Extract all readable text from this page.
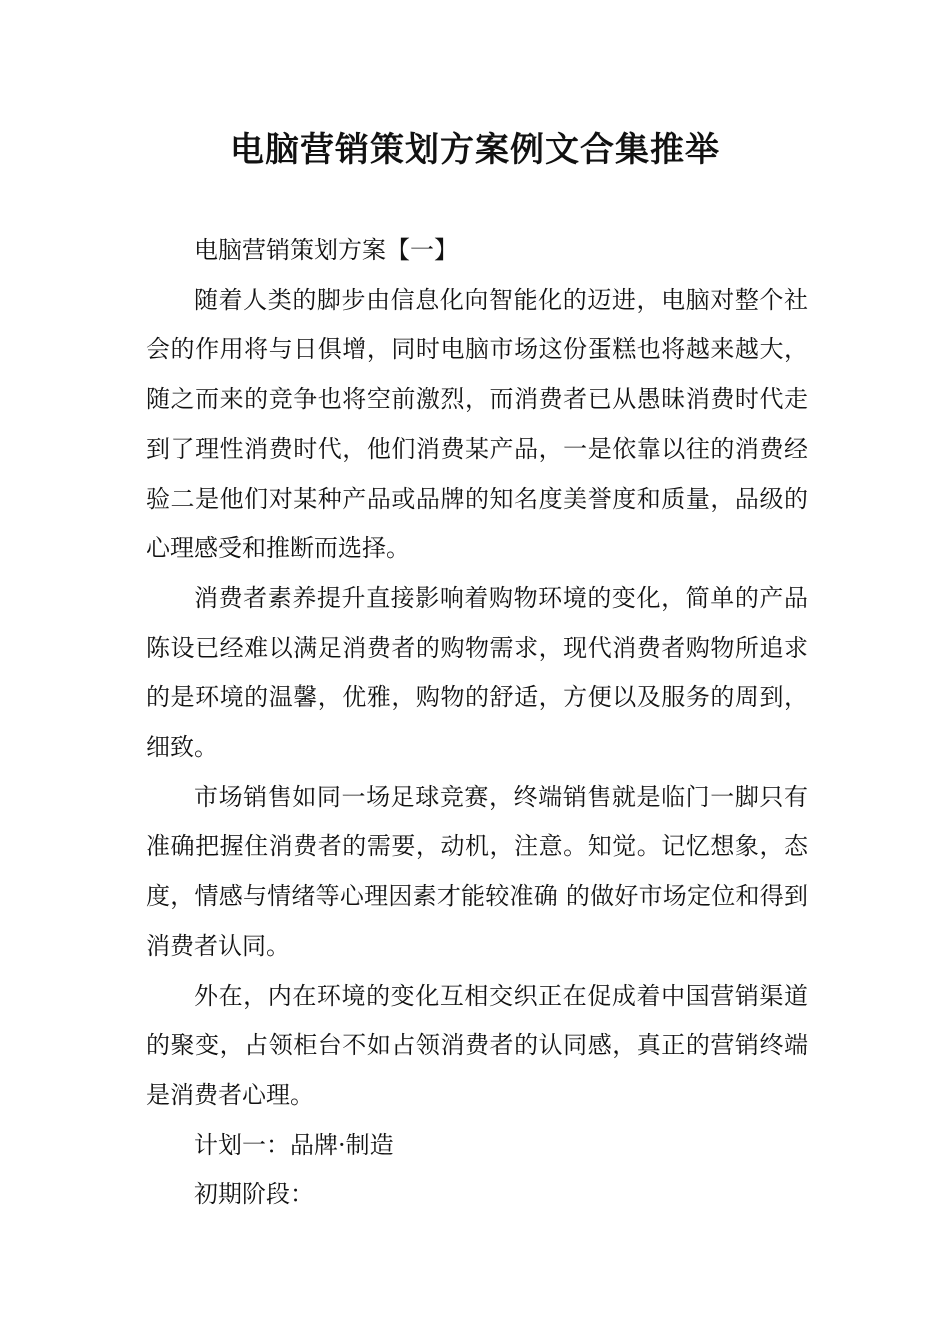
电脑营销策划方案例文合集推举

电脑营销策划方案【一】

随着人类的脚步由信息化向智能化的迈进，电脑对整个社会的作用将与日俱增，同时电脑市场这份蛋糕也将越来越大，随之而来的竞争也将空前激烈，而消费者已从愚昧消费时代走到了理性消费时代，他们消费某产品，一是依靠以往的消费经验二是他们对某种产品或品牌的知名度美誉度和质量，品级的心理感受和推断而选择。

消费者素养提升直接影响着购物环境的变化，简单的产品陈设已经难以满足消费者的购物需求，现代消费者购物所追求的是环境的温馨，优雅，购物的舒适，方便以及服务的周到，细致。

市场销售如同一场足球竞赛，终端销售就是临门一脚只有准确把握住消费者的需要，动机，注意。知觉。记忆想象，态度，情感与情绪等心理因素才能较准确 的做好市场定位和得到消费者认同。

外在，内在环境的变化互相交织正在促成着中国营销渠道的聚变，占领柜台不如占领消费者的认同感，真正的营销终端是消费者心理。

计划一：品牌·制造

初期阶段：
